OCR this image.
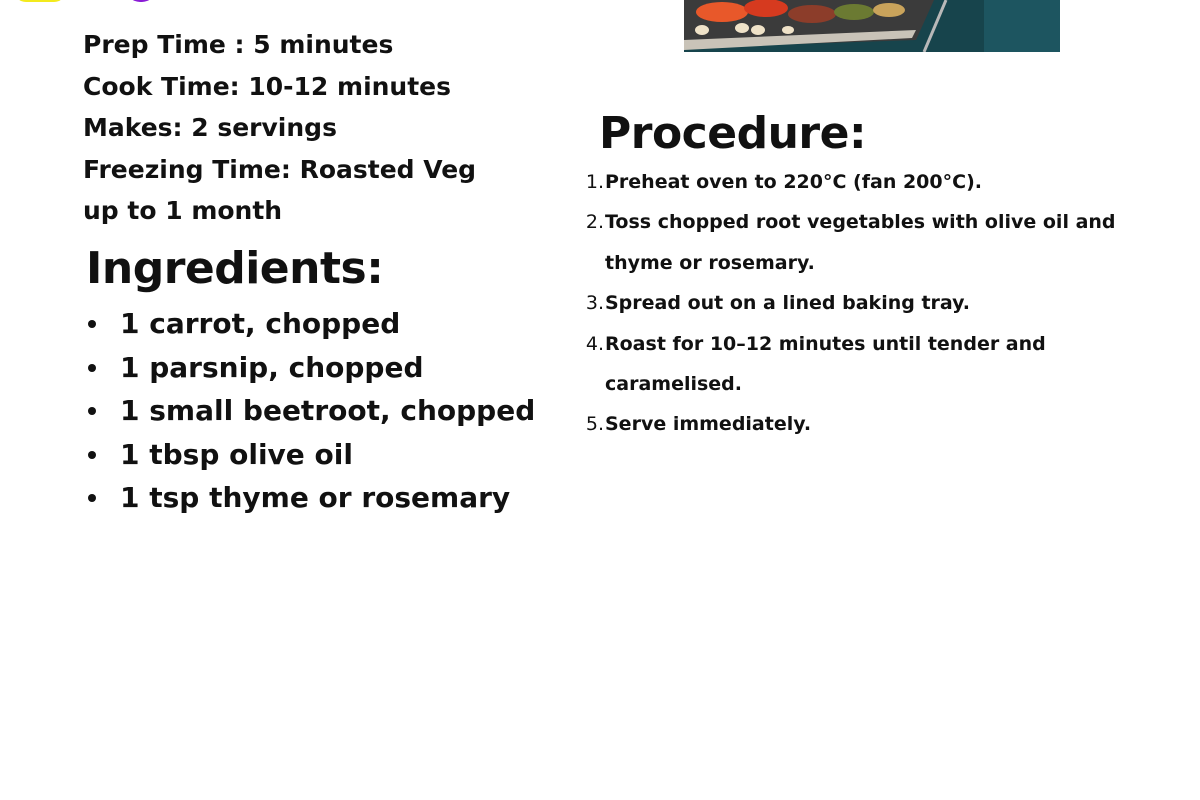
Prep Time : 5 minutes

Cook Time: 10-12 minutes

Makes: 2 servings

Freezing Time: Roasted Veg

up to 1 month

Ingredients:
1 carrot, chopped
1 parsnip, chopped
1 small beetroot, chopped
1 tbsp olive oil
1 tsp thyme or rosemary
Procedure:
1. Preheat oven to 220°C (fan 200°C).
2. Toss chopped root vegetables with olive oil and thyme or rosemary.
3. Spread out on a lined baking tray.
4. Roast for 10–12 minutes until tender and caramelised.
5. Serve immediately.
